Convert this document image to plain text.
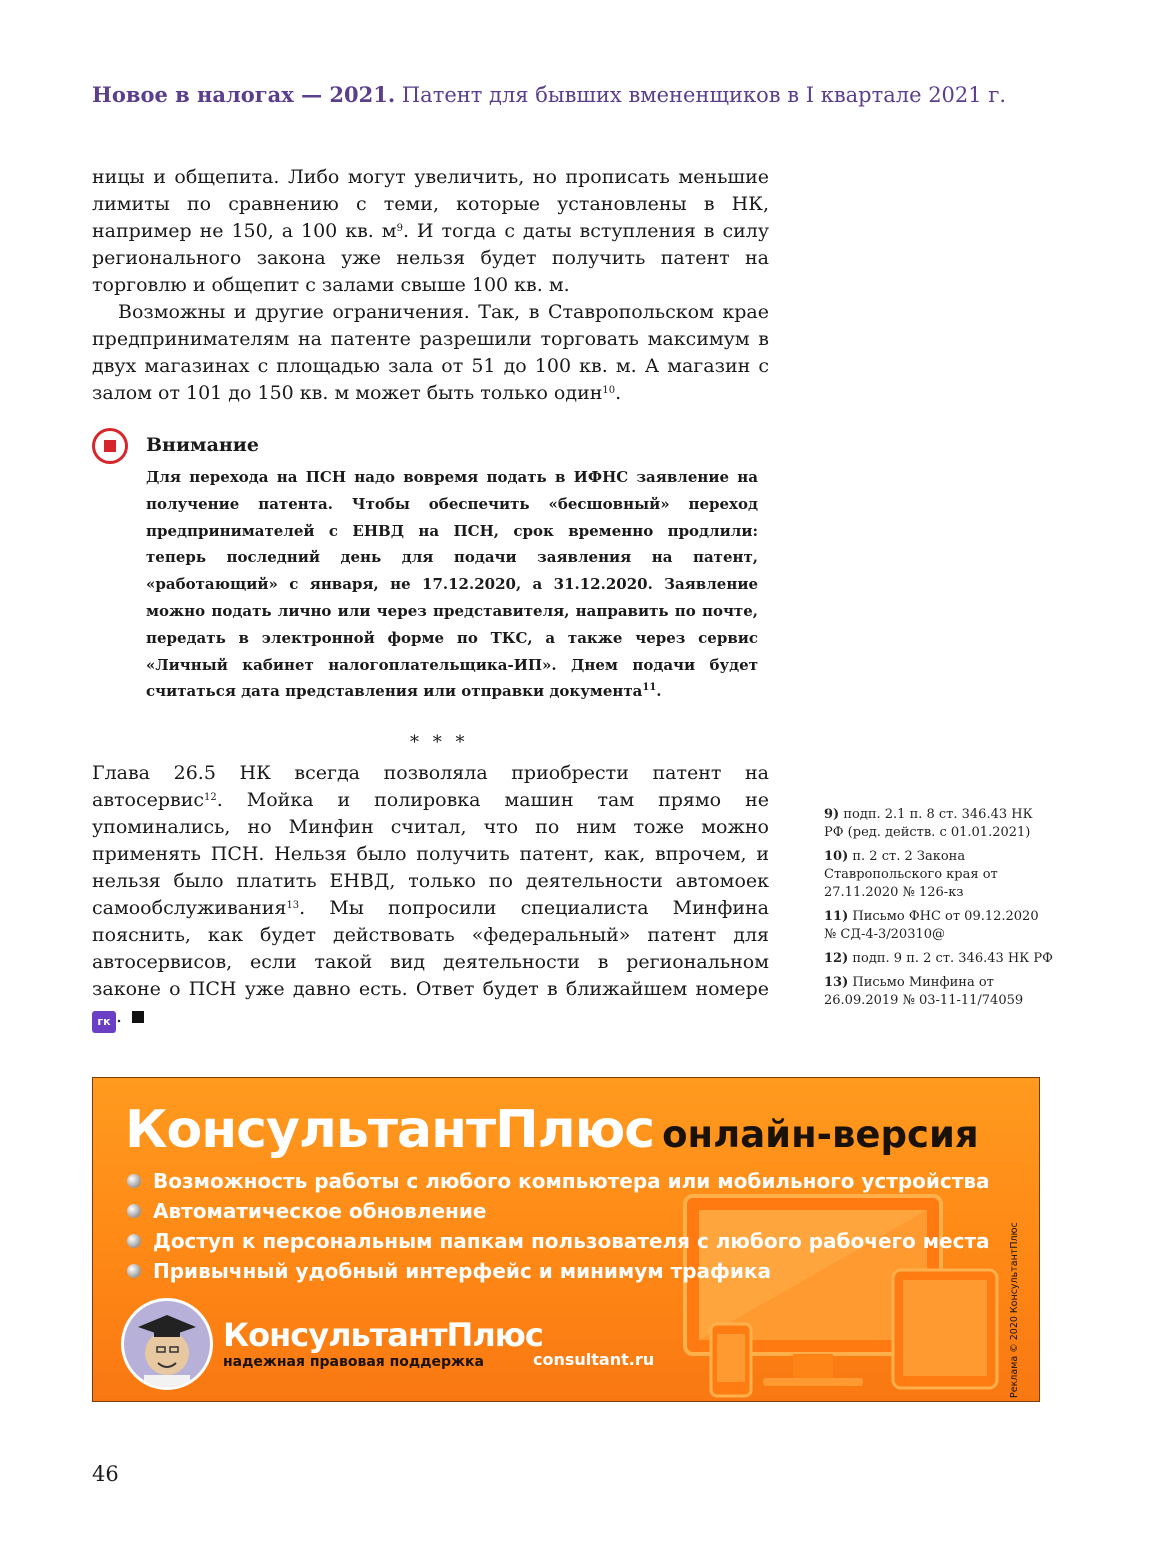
Новое в налогах — 2021. Патент для бывших вмененщиков в I квартале 2021 г.

ницы и общепита. Либо могут увеличить, но прописать меньшие лимиты по сравнению с теми, которые установлены в НК, например не 150, а 100 кв. $м^9$. И тогда с даты вступления в силу регионального закона уже нельзя будет получить патент на торговлю и общепит с залами свыше 100 кв. м.

Возможны и другие ограничения. Так, в Ставропольском крае предпринимателям на патенте разрешили торговать максимум в двух магазинах с площадью зала от 51 до 100 кв. м. А магазин с залом от 101 до 150 кв. м может быть только один$^{10}$.

Внимание
Для перехода на ПСН надо вовремя подать в ИФНС заявление на получение патента. Чтобы обеспечить «бесшовный» переход предпринимателей с ЕНВД на ПСН, срок временно продлили: теперь последний день для подачи заявления на патент, «работающий» с января, не 17.12.2020, а 31.12.2020. Заявление можно подать лично или через представителя, направить по почте, передать в электронной форме по ТКС, а также через сервис «Личный кабинет налогоплательщика-ИП». Днем подачи будет считаться дата представления или отправки документа$^{11}$.
* * *

Глава 26.5 НК всегда позволяла приобрести патент на автосервис$^{12}$. Мойка и полировка машин там прямо не упоминались, но Минфин считал, что по ним тоже можно применять ПСН. Нельзя было получить патент, как, впрочем, и нельзя было платить ЕНВД, только по деятельности автомоек самообслуживания$^{13}$. Мы попросили специалиста Минфина пояснить, как будет действовать «федеральный» патент для автосервисов, если такой вид деятельности в региональном законе о ПСН уже давно есть. Ответ будет в ближайшем номере гк .

9) подп. 2.1 п. 8 ст. 346.43 НК РФ (ред. действ. с 01.01.2021)
10) п. 2 ст. 2 Закона Ставропольского края от 27.11.2020 № 126-кз
11) Письмо ФНС от 09.12.2020 № СД-4-3/20310@
12) подп. 9 п. 2 ст. 346.43 НК РФ
13) Письмо Минфина от 26.09.2019 № 03-11-11/74059
КонсультантПлюс онлайн-версия
Возможность работы с любого компьютера или мобильного устройства
Автоматическое обновление
Доступ к персональным папкам пользователя с любого рабочего места
Привычный удобный интерфейс и минимум трафика
КонсультантПлюс
надежная правовая поддержка	consultant.ru	Реклама © 2020 КонсультантПлюс
46
